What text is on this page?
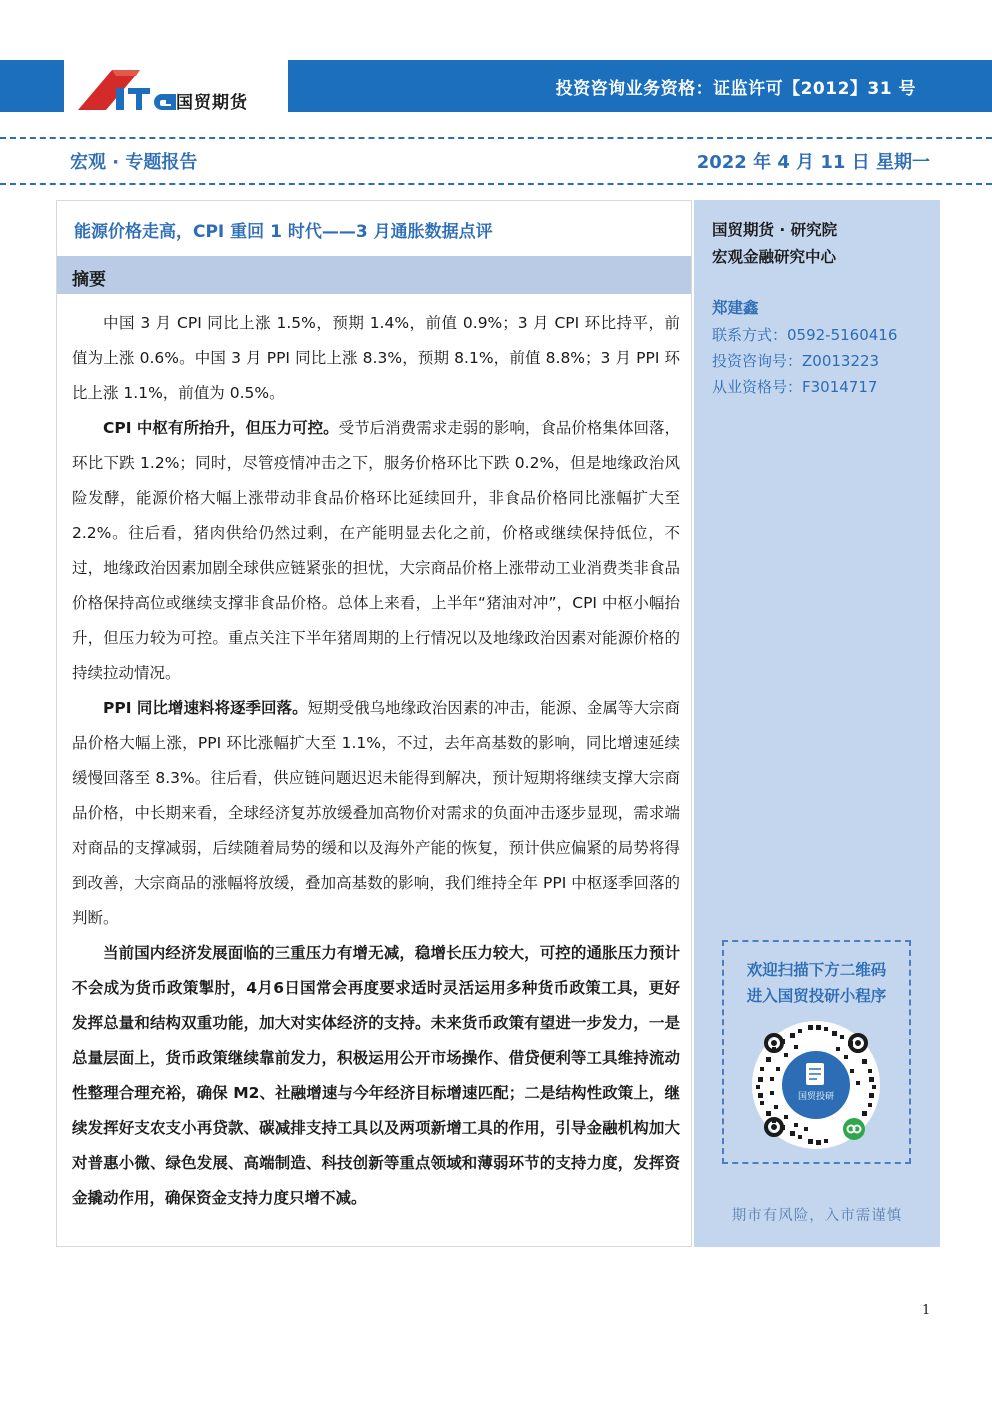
国贸期货
投资咨询业务资格：证监许可【2012】31 号
宏观 · 专题报告	2022 年 4 月 11 日 星期一
能源价格走高，CPI 重回 1 时代——3 月通胀数据点评
摘要

中国 3 月 CPI 同比上涨 1.5%，预期 1.4%，前值 0.9%；3 月 CPI 环比持平，前值为上涨 0.6%。中国 3 月 PPI 同比上涨 8.3%，预期 8.1%，前值 8.8%；3 月 PPI 环比上涨 1.1%，前值为 0.5%。

CPI 中枢有所抬升，但压力可控。受节后消费需求走弱的影响，食品价格集体回落，环比下跌 1.2%；同时，尽管疫情冲击之下，服务价格环比下跌 0.2%，但是地缘政治风险发酵，能源价格大幅上涨带动非食品价格环比延续回升，非食品价格同比涨幅扩大至 2.2%。往后看，猪肉供给仍然过剩，在产能明显去化之前，价格或继续保持低位，不过，地缘政治因素加剧全球供应链紧张的担忧，大宗商品价格上涨带动工业消费类非食品价格保持高位或继续支撑非食品价格。总体上来看，上半年“猪油对冲”，CPI 中枢小幅抬升，但压力较为可控。重点关注下半年猪周期的上行情况以及地缘政治因素对能源价格的持续拉动情况。

PPI 同比增速料将逐季回落。短期受俄乌地缘政治因素的冲击，能源、金属等大宗商品价格大幅上涨，PPI 环比涨幅扩大至 1.1%，不过，去年高基数的影响，同比增速延续缓慢回落至 8.3%。往后看，供应链问题迟迟未能得到解决，预计短期将继续支撑大宗商品价格，中长期来看，全球经济复苏放缓叠加高物价对需求的负面冲击逐步显现，需求端对商品的支撑减弱，后续随着局势的缓和以及海外产能的恢复，预计供应偏紧的局势将得到改善，大宗商品的涨幅将放缓，叠加高基数的影响，我们维持全年 PPI 中枢逐季回落的判断。

当前国内经济发展面临的三重压力有增无减，稳增长压力较大，可控的通胀压力预计不会成为货币政策掣肘，4月6日国常会再度要求适时灵活运用多种货币政策工具，更好发挥总量和结构双重功能，加大对实体经济的支持。未来货币政策有望进一步发力，一是总量层面上，货币政策继续靠前发力，积极运用公开市场操作、借贷便利等工具维持流动性整理合理充裕，确保 M2、社融增速与今年经济目标增速匹配；二是结构性政策上，继续发挥好支农支小再贷款、碳减排支持工具以及两项新增工具的作用，引导金融机构加大对普惠小微、绿色发展、高端制造、科技创新等重点领域和薄弱环节的支持力度，发挥资金撬动作用，确保资金支持力度只增不减。

国贸期货 · 研究院
宏观金融研究中心
郑建鑫
联系方式：0592-5160416
投资咨询号：Z0013223
从业资格号：F3014717
欢迎扫描下方二维码
进入国贸投研小程序
国贸投研
期市有风险，入市需谨慎
1
